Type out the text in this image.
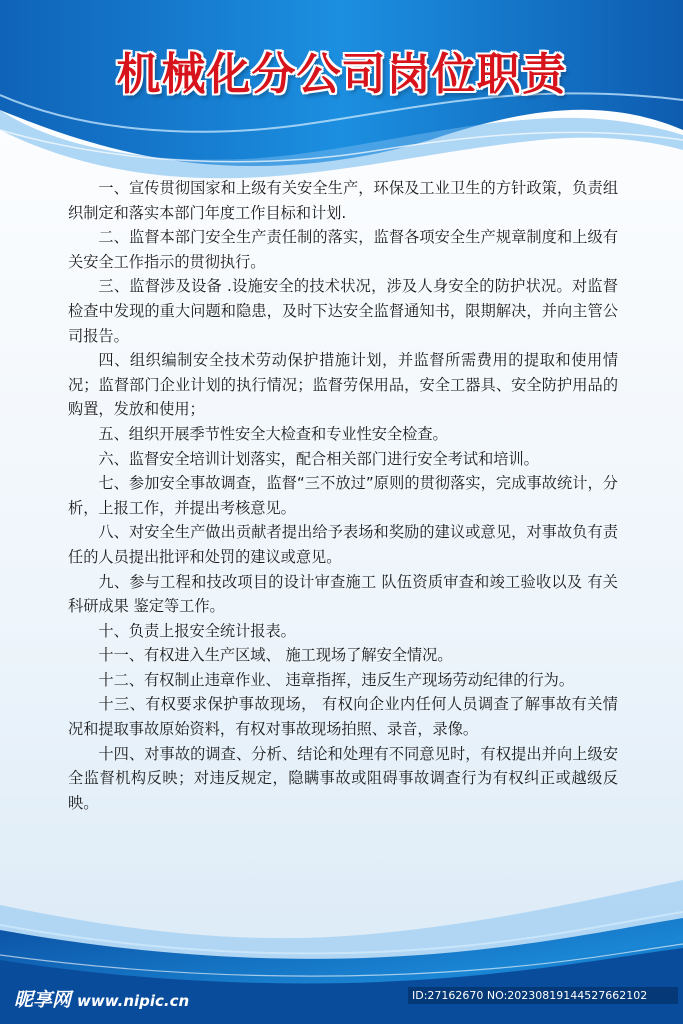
机械化分公司岗位职责

一、宣传贯彻国家和上级有关安全生产，环保及工业卫生的方针政策，负责组织制定和落实本部门年度工作目标和计划.

二、监督本部门安全生产责任制的落实，监督各项安全生产规章制度和上级有关安全工作指示的贯彻执行。

三、监督涉及设备 .设施安全的技术状况，涉及人身安全的防护状况。对监督检查中发现的重大问题和隐患，及时下达安全监督通知书，限期解决，并向主管公司报告。

四、组织编制安全技术劳动保护措施计划，并监督所需费用的提取和使用情况；监督部门企业计划的执行情况；监督劳保用品，安全工器具、安全防护用品的购置，发放和使用；

五、组织开展季节性安全大检查和专业性安全检查。

六、监督安全培训计划落实，配合相关部门进行安全考试和培训。

七、参加安全事故调查，监督“三不放过”原则的贯彻落实，完成事故统计，分析，上报工作，并提出考核意见。

八、对安全生产做出贡献者提出给予表场和奖励的建议或意见，对事故负有责任的人员提出批评和处罚的建议或意见。

九、参与工程和技改项目的设计审查施工 队伍资质审查和竣工验收以及 有关科研成果 鉴定等工作。

十、负责上报安全统计报表。

十一、有权进入生产区域、 施工现场了解安全情况。

十二、有权制止违章作业、 违章指挥，违反生产现场劳动纪律的行为。

十三、有权要求保护事故现场， 有权向企业内任何人员调查了解事故有关情况和提取事故原始资料，有权对事故现场拍照、录音，录像。

十四、对事故的调查、分析、结论和处理有不同意见时，有权提出并向上级安全监督机构反映；对违反规定，隐瞒事故或阻碍事故调查行为有权纠正或越级反映。

昵享网 www.nipic.cn	ID:27162670 NO:20230819144527662102
